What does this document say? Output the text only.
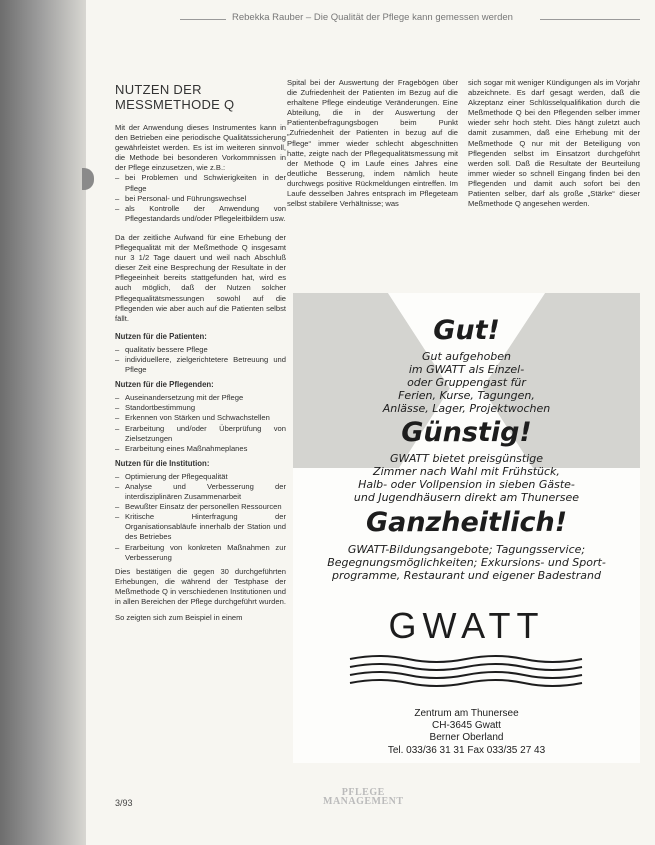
Rebekka Rauber – Die Qualität der Pflege kann gemessen werden
NUTZEN DER MESSMETHODE Q
Mit der Anwendung dieses Instrumentes kann in den Betrieben eine periodische Qualitätssicherung gewährleistet werden. Es ist im weiteren sinnvoll, die Methode bei besonderen Vorkommnissen in der Pflege einzusetzen, wie z.B.:
– bei Problemen und Schwierigkeiten in der Pflege
– bei Personal- und Führungswechsel
– als Kontrolle der Anwendung von Pflegestandards und/oder Pflegeleitbildern usw.
Da der zeitliche Aufwand für eine Erhebung der Pflegequalität mit der Meßmethode Q insgesamt nur 3 1/2 Tage dauert und weil nach Abschluß dieser Zeit eine Besprechung der Resultate in der Pflegeeinheit bereits stattgefunden hat, wird es auch möglich, daß der Nutzen solcher Pflegequalitätsmessungen sowohl auf die Pflegenden wie aber auch auf die Patienten selbst fällt.
Nutzen für die Patienten:
– qualitativ bessere Pflege
– individuellere, zielgerichtetere Betreuung und Pflege
Nutzen für die Pflegenden:
– Auseinandersetzung mit der Pflege
– Standortbestimmung
– Erkennen von Stärken und Schwachstellen
– Erarbeitung und/oder Überprüfung von Zielsetzungen
– Erarbeitung eines Maßnahmeplanes
Nutzen für die Institution:
– Optimierung der Pflegequalität
– Analyse und Verbesserung der interdisziplinären Zusammenarbeit
– Bewußter Einsatz der personellen Ressourcen
– Kritische Hinterfragung der Organisationsabläufe innerhalb der Station und des Betriebes
– Erarbeitung von konkreten Maßnahmen zur Verbesserung
Dies bestätigen die gegen 30 durchgeführten Erhebungen, die während der Testphase der Meßmethode Q in verschiedenen Institutionen und in allen Bereichen der Pflege durchgeführt wurden.
So zeigten sich zum Beispiel in einem
Spital bei der Auswertung der Fragebögen über die Zufriedenheit der Patienten im Bezug auf die erhaltene Pflege eindeutige Veränderungen. Eine Abteilung, die in der Auswertung der Patientenbefragungsbogen beim Punkt „Zufriedenheit der Patienten in bezug auf die Pflege“ immer wieder schlecht abgeschnitten hatte, zeigte nach der Pflegequalitätsmessung mit der Methode Q im Laufe eines Jahres eine deutliche Besserung, indem nämlich heute durchwegs positive Rückmeldungen eintreffen. Im Laufe desselben Jahres entsprach im Pflegeteam selbst stabilere Verhältnisse; was
sich sogar mit weniger Kündigungen als im Vorjahr abzeichnete. Es darf gesagt werden, daß die Akzeptanz einer Schlüsselqualifikation durch die Meßmethode Q bei den Pflegenden selber immer wieder sehr hoch steht. Dies hängt zuletzt auch damit zusammen, daß eine Erhebung mit der Meßmethode Q nur mit der Beteiligung von Pflegenden selbst im Einsatzort durchgeführt werden soll. Daß die Resultate der Beurteilung immer wieder so schnell Eingang finden bei den Pflegenden und damit auch sofort bei den Patienten selber, darf als große „Stärke“ dieser Meßmethode Q angesehen werden.
Gut!
Gut aufgehoben
im GWATT als Einzel-
oder Gruppengast für
Ferien, Kurse, Tagungen,
Anlässe, Lager, Projektwochen
Günstig!
GWATT bietet preisgünstige
Zimmer nach Wahl mit Frühstück,
Halb- oder Vollpension in sieben Gäste-
und Jugendhäusern direkt am Thunersee
Ganzheitlich!
GWATT-Bildungsangebote; Tagungsservice;
Begegnungsmöglichkeiten; Exkursions- und Sport-
programme, Restaurant und eigener Badestrand
GWATT
Zentrum am Thunersee
CH-3645 Gwatt
Berner Oberland
Tel. 033/36 31 31 Fax 033/35 27 43
3/93
PFLEGE
MANAGEMENT
